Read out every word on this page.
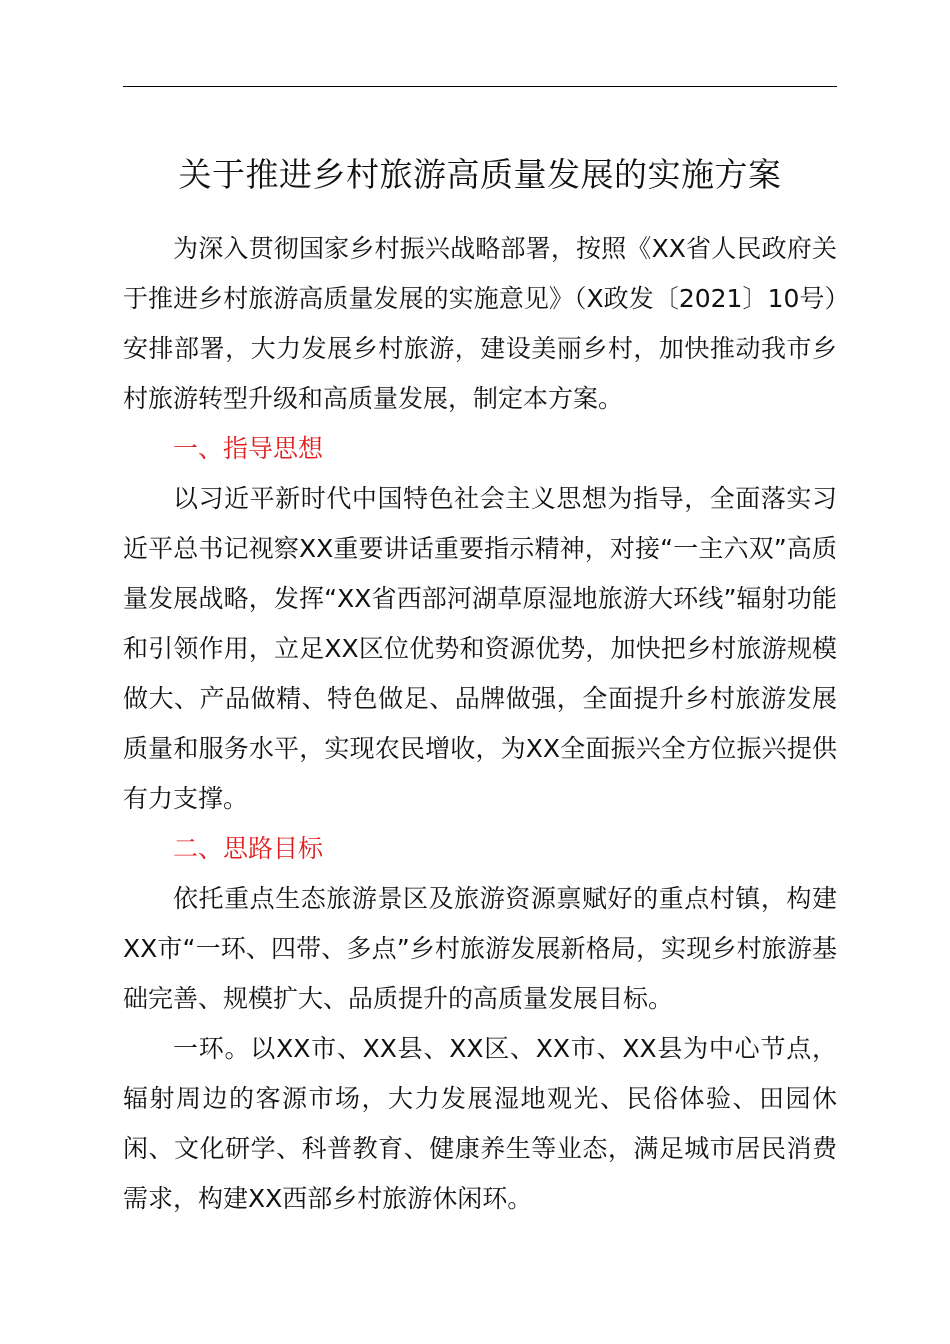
关于推进乡村旅游高质量发展的实施方案

为深入贯彻国家乡村振兴战略部署，按照《XX省人民政府关于推进乡村旅游高质量发展的实施意见》（X政发〔2021〕10号）安排部署，大力发展乡村旅游，建设美丽乡村，加快推动我市乡村旅游转型升级和高质量发展，制定本方案。

一、指导思想

以习近平新时代中国特色社会主义思想为指导，全面落实习近平总书记视察XX重要讲话重要指示精神，对接“一主六双”高质量发展战略，发挥“XX省西部河湖草原湿地旅游大环线”辐射功能和引领作用，立足XX区位优势和资源优势，加快把乡村旅游规模做大、产品做精、特色做足、品牌做强，全面提升乡村旅游发展质量和服务水平，实现农民增收，为XX全面振兴全方位振兴提供有力支撑。

二、思路目标

依托重点生态旅游景区及旅游资源禀赋好的重点村镇，构建XX市“一环、四带、多点”乡村旅游发展新格局，实现乡村旅游基础完善、规模扩大、品质提升的高质量发展目标。

一环。以XX市、XX县、XX区、XX市、XX县为中心节点，辐射周边的客源市场，大力发展湿地观光、民俗体验、田园休闲、文化研学、科普教育、健康养生等业态，满足城市居民消费需求，构建XX西部乡村旅游休闲环。
